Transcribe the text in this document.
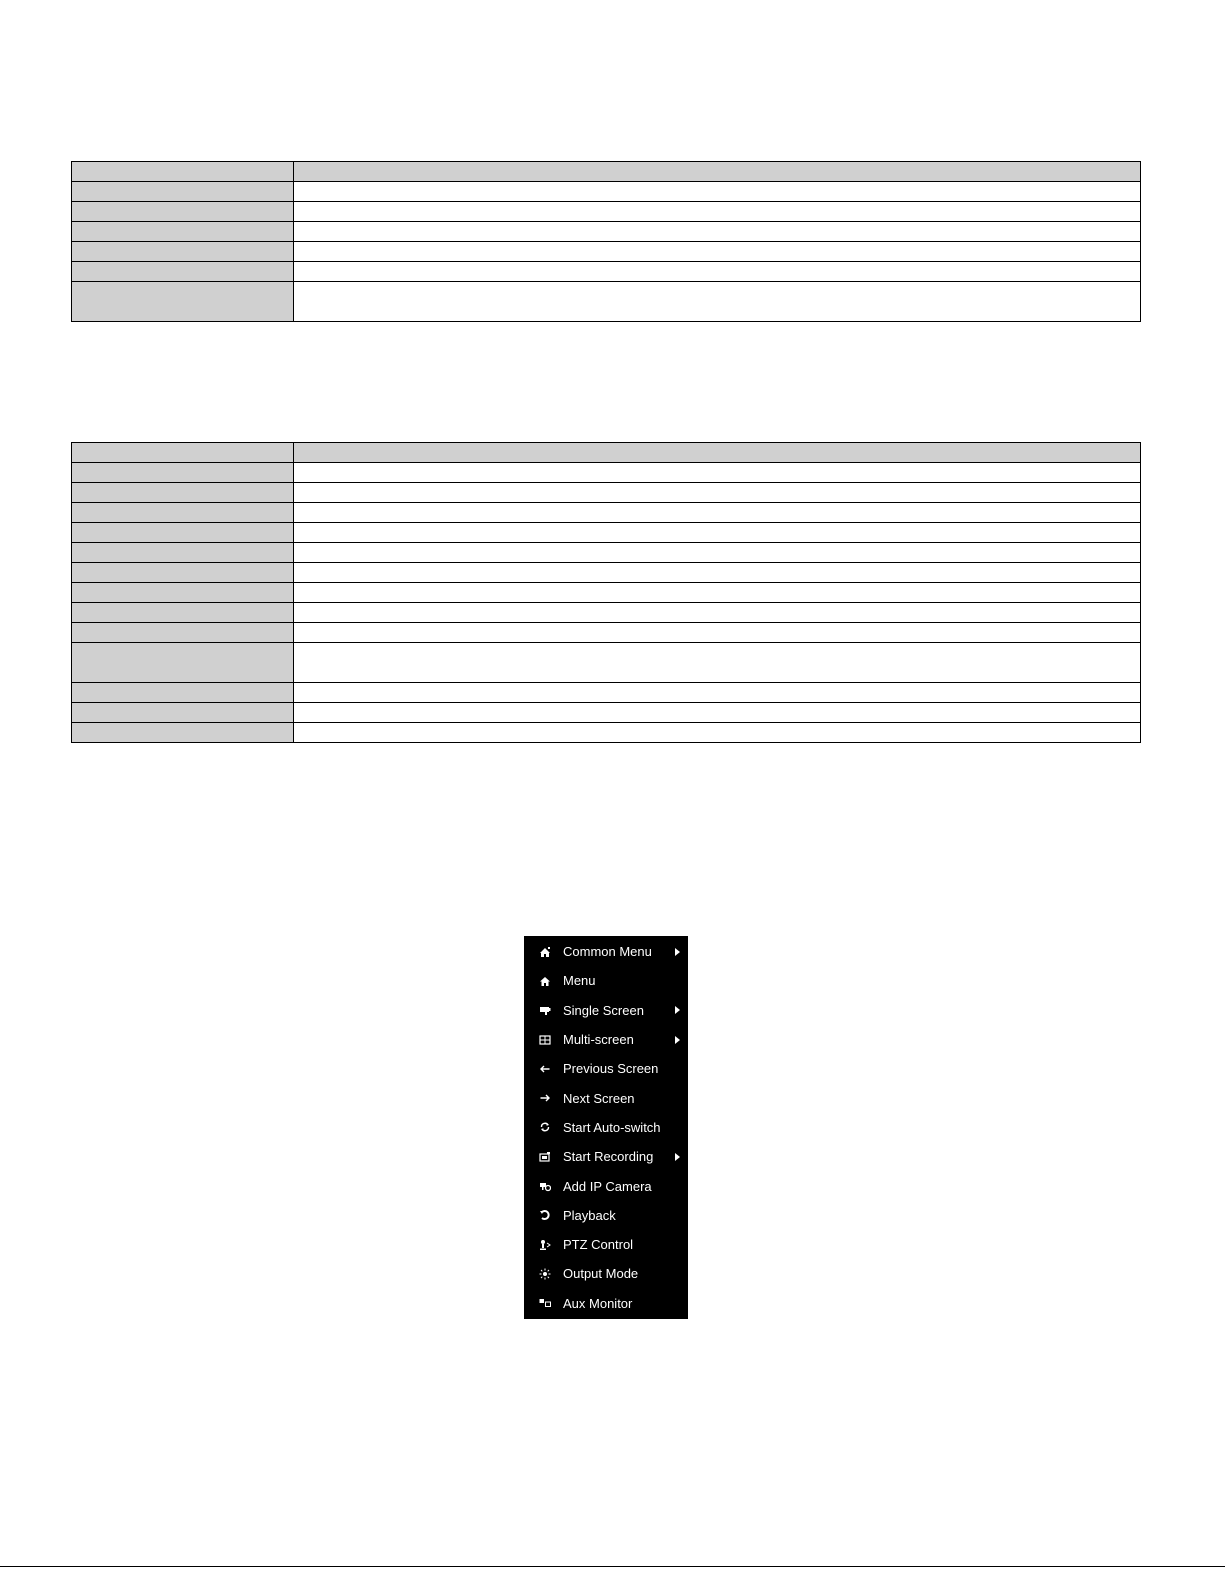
Common Menu
Menu
Single Screen
Multi-screen
Previous Screen
Next Screen
Start Auto-switch
Start Recording
Add IP Camera
Playback
PTZ Control
Output Mode
Aux Monitor
